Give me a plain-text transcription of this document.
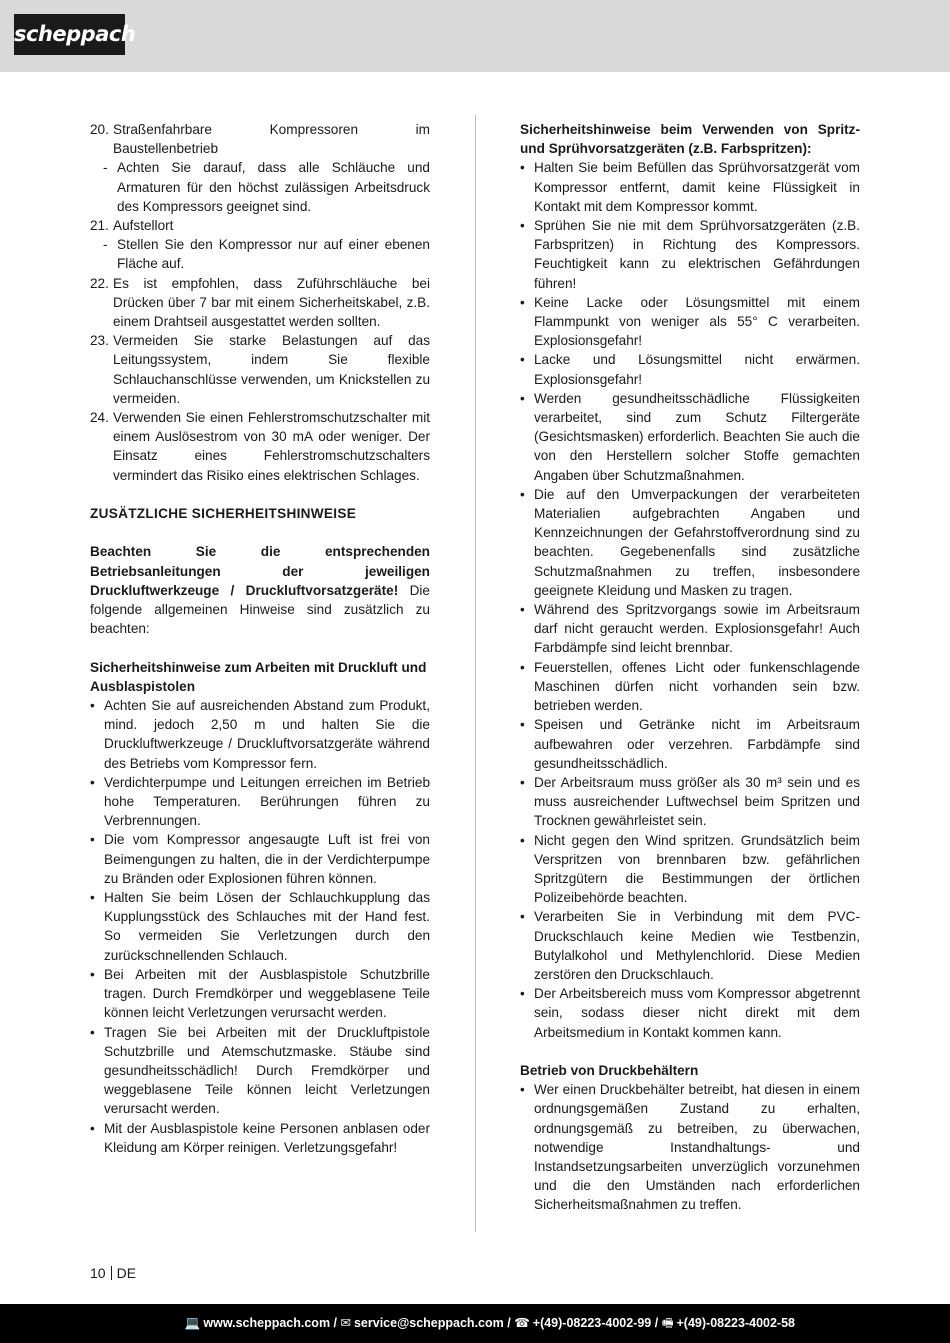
scheppach

20. Straßenfahrbare Kompressoren im Baustellenbetrieb

- Achten Sie darauf, dass alle Schläuche und Armaturen für den höchst zulässigen Arbeitsdruck des Kompressors geeignet sind.

21. Aufstellort

- Stellen Sie den Kompressor nur auf einer ebenen Fläche auf.

22. Es ist empfohlen, dass Zuführschläuche bei Drücken über 7 bar mit einem Sicherheitskabel, z.B. einem Drahtseil ausgestattet werden sollten.

23. Vermeiden Sie starke Belastungen auf das Leitungssystem, indem Sie flexible Schlauchanschlüsse verwenden, um Knickstellen zu vermeiden.

24. Verwenden Sie einen Fehlerstromschutzschalter mit einem Auslösestrom von 30 mA oder weniger. Der Einsatz eines Fehlerstromschutzschalters vermindert das Risiko eines elektrischen Schlages.

ZUSÄTZLICHE SICHERHEITSHINWEISE

Beachten Sie die entsprechenden Betriebsanleitungen der jeweiligen Druckluftwerkzeuge / Druckluftvorsatzgeräte! Die folgende allgemeinen Hinweise sind zusätzlich zu beachten:

Sicherheitshinweise zum Arbeiten mit Druckluft und Ausblaspistolen

• Achten Sie auf ausreichenden Abstand zum Produkt, mind. jedoch 2,50 m und halten Sie die Druckluftwerkzeuge / Druckluftvorsatzgeräte während des Betriebs vom Kompressor fern.

• Verdichterpumpe und Leitungen erreichen im Betrieb hohe Temperaturen. Berührungen führen zu Verbrennungen.

• Die vom Kompressor angesaugte Luft ist frei von Beimengungen zu halten, die in der Verdichterpumpe zu Bränden oder Explosionen führen können.

• Halten Sie beim Lösen der Schlauchkupplung das Kupplungsstück des Schlauches mit der Hand fest. So vermeiden Sie Verletzungen durch den zurückschnellenden Schlauch.

• Bei Arbeiten mit der Ausblaspistole Schutzbrille tragen. Durch Fremdkörper und weggeblasene Teile können leicht Verletzungen verursacht werden.

• Tragen Sie bei Arbeiten mit der Druckluftpistole Schutzbrille und Atemschutzmaske. Stäube sind gesundheitsschädlich! Durch Fremdkörper und weggeblasene Teile können leicht Verletzungen verursacht werden.

• Mit der Ausblaspistole keine Personen anblasen oder Kleidung am Körper reinigen. Verletzungsgefahr!

Sicherheitshinweise beim Verwenden von Spritz- und Sprühvorsatzgeräten (z.B. Farbspritzen):

• Halten Sie beim Befüllen das Sprühvorsatzgerät vom Kompressor entfernt, damit keine Flüssigkeit in Kontakt mit dem Kompressor kommt.

• Sprühen Sie nie mit dem Sprühvorsatzgeräten (z.B. Farbspritzen) in Richtung des Kompressors. Feuchtigkeit kann zu elektrischen Gefährdungen führen!

• Keine Lacke oder Lösungsmittel mit einem Flammpunkt von weniger als 55° C verarbeiten. Explosionsgefahr!

• Lacke und Lösungsmittel nicht erwärmen. Explosionsgefahr!

• Werden gesundheitsschädliche Flüssigkeiten verarbeitet, sind zum Schutz Filtergeräte (Gesichtsmasken) erforderlich. Beachten Sie auch die von den Herstellern solcher Stoffe gemachten Angaben über Schutzmaßnahmen.

• Die auf den Umverpackungen der verarbeiteten Materialien aufgebrachten Angaben und Kennzeichnungen der Gefahrstoffverordnung sind zu beachten. Gegebenenfalls sind zusätzliche Schutzmaßnahmen zu treffen, insbesondere geeignete Kleidung und Masken zu tragen.

• Während des Spritzvorgangs sowie im Arbeitsraum darf nicht geraucht werden. Explosionsgefahr! Auch Farbdämpfe sind leicht brennbar.

• Feuerstellen, offenes Licht oder funkenschlagende Maschinen dürfen nicht vorhanden sein bzw. betrieben werden.

• Speisen und Getränke nicht im Arbeitsraum aufbewahren oder verzehren. Farbdämpfe sind gesundheitsschädlich.

• Der Arbeitsraum muss größer als 30 m³ sein und es muss ausreichender Luftwechsel beim Spritzen und Trocknen gewährleistet sein.

• Nicht gegen den Wind spritzen. Grundsätzlich beim Verspritzen von brennbaren bzw. gefährlichen Spritzgütern die Bestimmungen der örtlichen Polizeibehörde beachten.

• Verarbeiten Sie in Verbindung mit dem PVC-Druckschlauch keine Medien wie Testbenzin, Butylalkohol und Methylenchlorid. Diese Medien zerstören den Druckschlauch.

• Der Arbeitsbereich muss vom Kompressor abgetrennt sein, sodass dieser nicht direkt mit dem Arbeitsmedium in Kontakt kommen kann.

Betrieb von Druckbehältern

• Wer einen Druckbehälter betreibt, hat diesen in einem ordnungsgemäßen Zustand zu erhalten, ordnungsgemäß zu betreiben, zu überwachen, notwendige Instandhaltungs- und Instandsetzungsarbeiten unverzüglich vorzunehmen und die den Umständen nach erforderlichen Sicherheitsmaßnahmen zu treffen.

10 DE
💻 www.scheppach.com / ✉ service@scheppach.com / ☎ +(49)-08223-4002-99 / 🖷 +(49)-08223-4002-58
